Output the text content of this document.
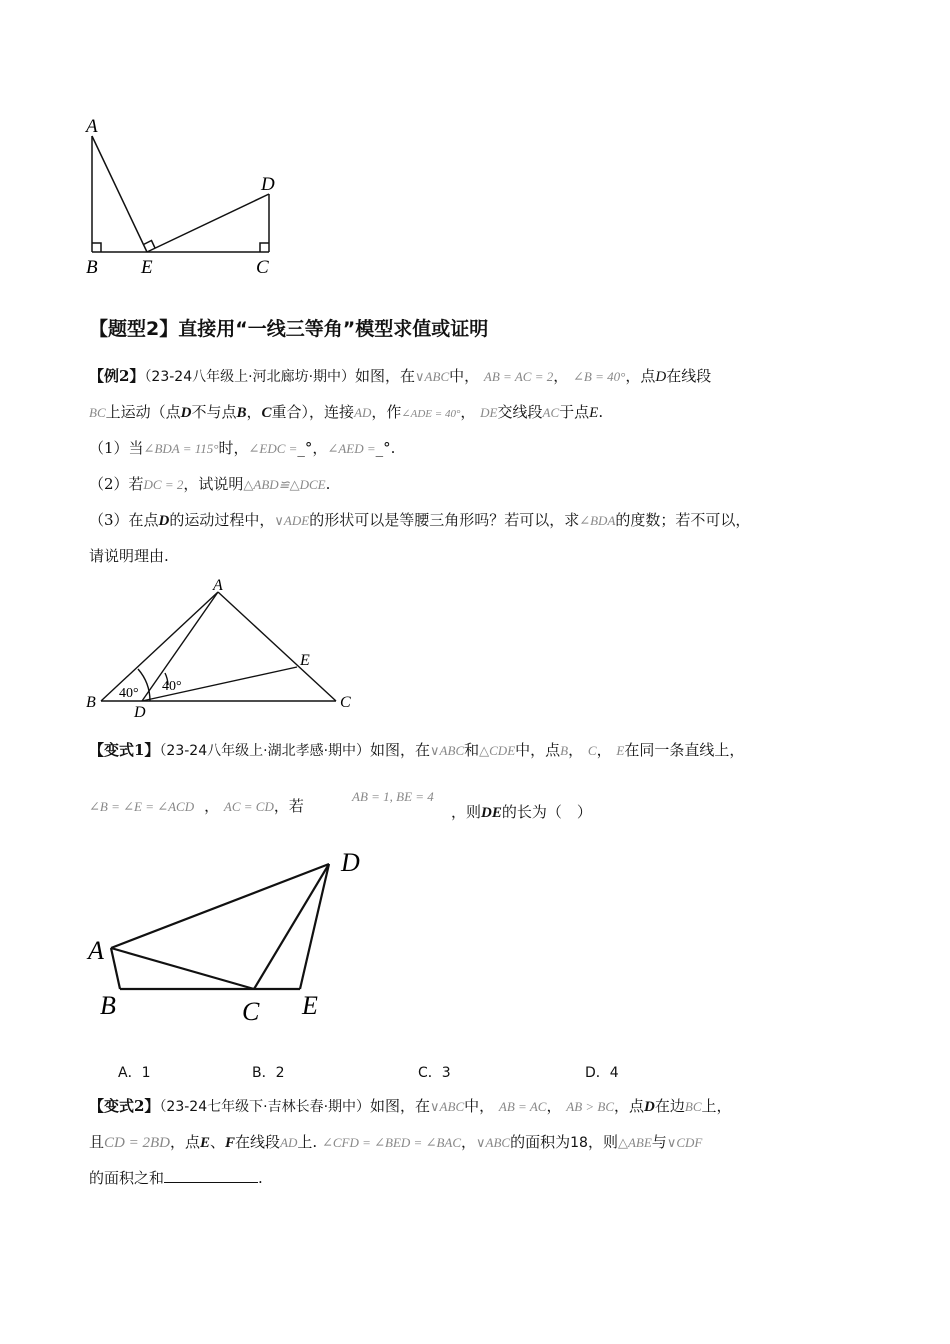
A
B E	C
D
【题型2】直接用“一线三等角”模型求值或证明
【例2】（23-24八年级上·河北廊坊·期中）如图，在∨ABC中， AB = AC = 2， ∠B = 40°，点D在线段
BC上运动（点D不与点B，C重合），连接AD，作∠ADE = 40°， DE交线段AC于点E.
（1）当∠BDA = 115°时，∠EDC =_°，∠AED =_°.
（2）若DC = 2，试说明△ABD≌△DCE.
（3）在点D的运动过程中，∨ADE的形状可以是等腰三角形吗？若可以，求∠BDA的度数；若不可以，
请说明理由.
A
B	C
D
E
40° 40°
【变式1】（23-24八年级上·湖北孝感·期中）如图，在∨ABC和△CDE中，点B， C， E在同一条直线上，
∠B = ∠E = ∠ACD ， AC = CD，若
AB = 1, BE = 4
，则DE的长为（　）
A
B	C E
D
A．1	B．2	C．3	D．4
【变式2】（23-24七年级下·吉林长春·期中）如图，在∨ABC中， AB = AC， AB > BC，点D在边BC上，
且CD = 2BD，点E、F在线段AD上. ∠CFD = ∠BED = ∠BAC，∨ABC的面积为18，则△ABE与∨CDF
的面积之和	.
